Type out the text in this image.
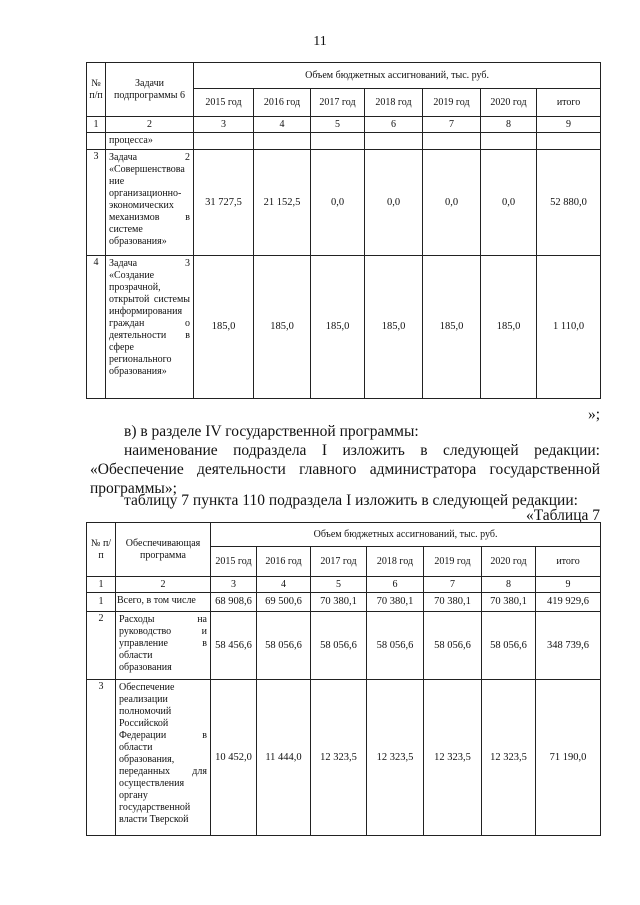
11
№ п/п	Задачи подпрограммы 6	Объем бюджетных ассигнований, тыс. руб.						
		2015 год	2016 год	2017 год	2018 год	2019 год	2020 год	итого
1	2	3	4	5	6	7	8	9
	процесса»							
3	Задача 2 «Совершенствова ние организационно-экономических механизмов в системе образования»	31 727,5	21 152,5	0,0	0,0	0,0	0,0	52 880,0
4	Задача 3 «Создание прозрачной, открытой системы информирования граждан о деятельности в сфере регионального образования»	185,0	185,0	185,0	185,0	185,0	185,0	1 110,0
»;
в) в разделе IV государственной программы:
наименование подраздела I изложить в следующей редакции:
«Обеспечение деятельности главного администратора государственной
программы»;
таблицу 7 пункта 110 подраздела I изложить в следующей редакции:
«Таблица 7
№ п/п	Обеспечивающая программа	Объем бюджетных ассигнований, тыс. руб.						
		2015 год	2016 год	2017 год	2018 год	2019 год	2020 год	итого
1	2	3	4	5	6	7	8	9
1	Всего, в том числе	68 908,6	69 500,6	70 380,1	70 380,1	70 380,1	70 380,1	419 929,6
2	Расходы на руководство и управление в области образования	58 456,6	58 056,6	58 056,6	58 056,6	58 056,6	58 056,6	348 739,6
3	Обеспечение реализации полномочий Российской Федерации в области образования, переданных для осуществления органу государственной власти Тверской	10 452,0	11 444,0	12 323,5	12 323,5	12 323,5	12 323,5	71 190,0
